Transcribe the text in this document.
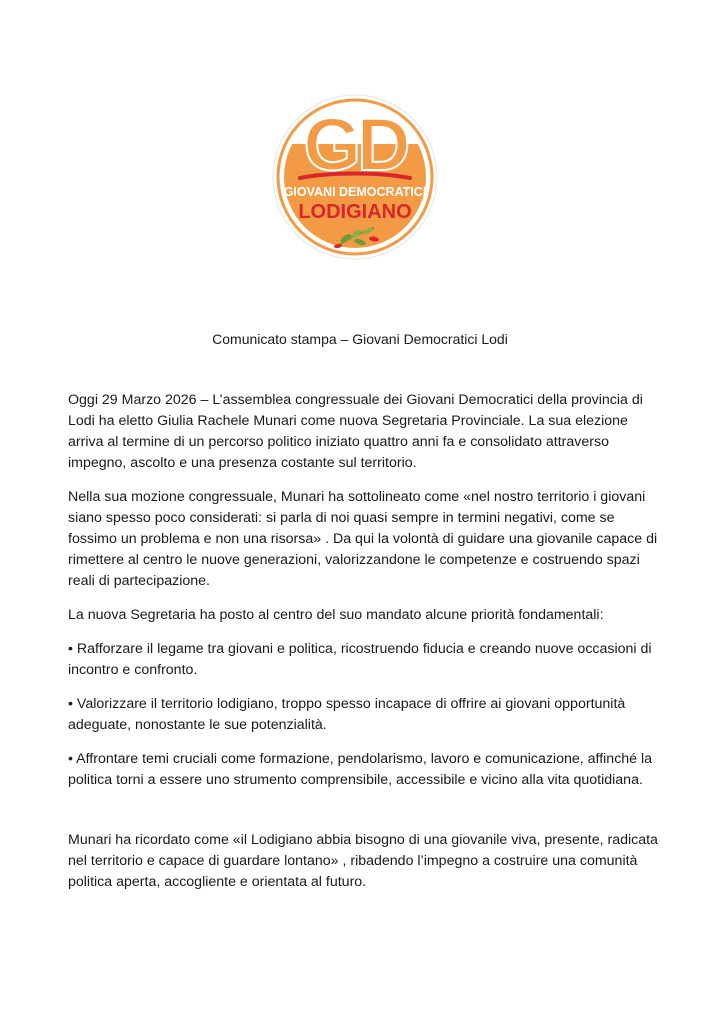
GD
GIOVANI DEMOCRATICI
LODIGIANO
Comunicato stampa – Giovani Democratici Lodi

Oggi 29 Marzo 2026 – L’assemblea congressuale dei Giovani Democratici della provincia di Lodi ha eletto Giulia Rachele Munari come nuova Segretaria Provinciale. La sua elezione arriva al termine di un percorso politico iniziato quattro anni fa e consolidato attraverso impegno, ascolto e una presenza costante sul territorio.

Nella sua mozione congressuale, Munari ha sottolineato come «nel nostro territorio i giovani siano spesso poco considerati: si parla di noi quasi sempre in termini negativi, come se fossimo un problema e non una risorsa» . Da qui la volontà di guidare una giovanile capace di rimettere al centro le nuove generazioni, valorizzandone le competenze e costruendo spazi reali di partecipazione.

La nuova Segretaria ha posto al centro del suo mandato alcune priorità fondamentali:

• Rafforzare il legame tra giovani e politica, ricostruendo fiducia e creando nuove occasioni di incontro e confronto.

• Valorizzare il territorio lodigiano, troppo spesso incapace di offrire ai giovani opportunità adeguate, nonostante le sue potenzialità.

• Affrontare temi cruciali come formazione, pendolarismo, lavoro e comunicazione, affinché la politica torni a essere uno strumento comprensibile, accessibile e vicino alla vita quotidiana.

Munari ha ricordato come «il Lodigiano abbia bisogno di una giovanile viva, presente, radicata nel territorio e capace di guardare lontano» , ribadendo l’impegno a costruire una comunità politica aperta, accogliente e orientata al futuro.
